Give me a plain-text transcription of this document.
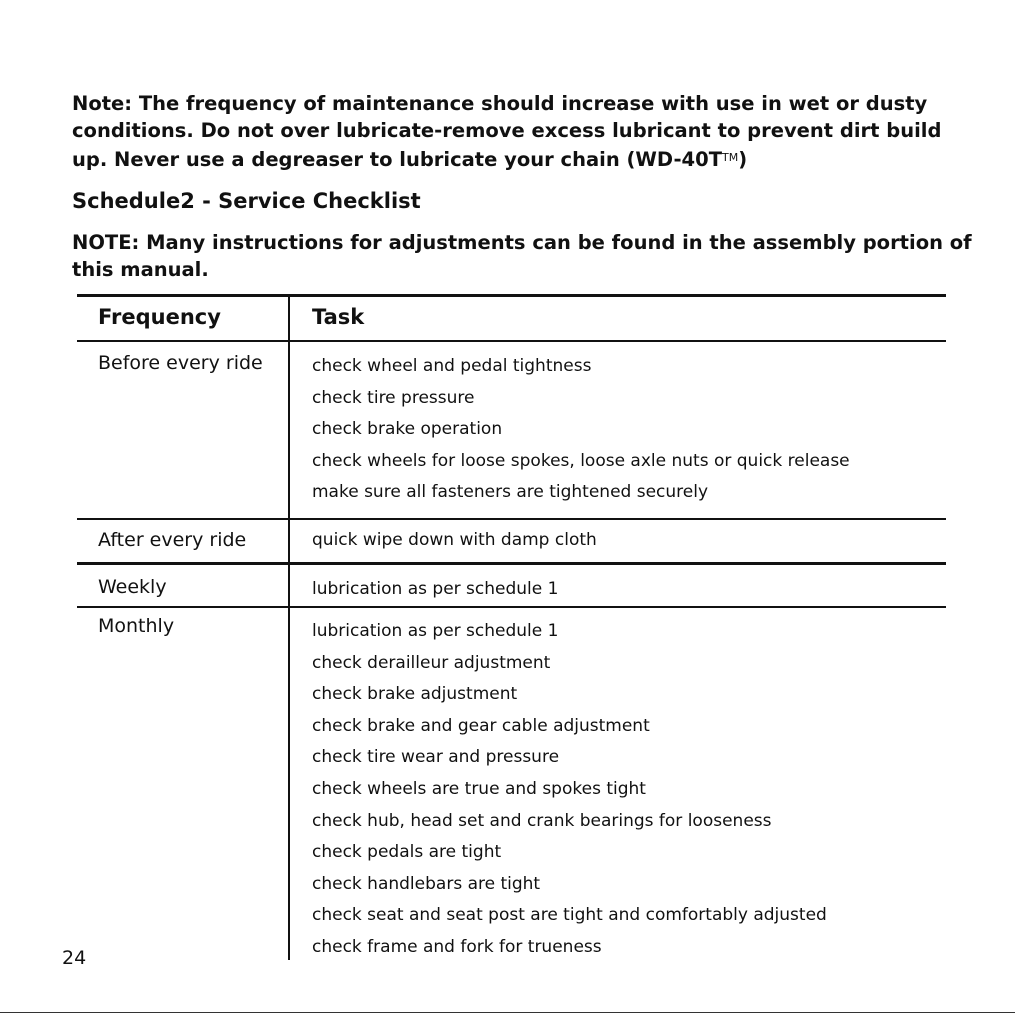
Note: The frequency of maintenance should increase with use in wet or dusty conditions. Do not over lubricate-remove excess lubricant to prevent dirt build up. Never use a degreaser to lubricate your chain (WD-40T™)

Schedule2 - Service Checklist

NOTE: Many instructions for adjustments can be found in the assembly portion of this manual.

Frequency	Task
Before every ride	check wheel and pedal tightness
check tire pressure
check brake operation
check wheels for loose spokes, loose axle nuts or quick release
make sure all fasteners are tightened securely
After every ride	quick wipe down with damp cloth
Weekly	lubrication as per schedule 1
Monthly	lubrication as per schedule 1
check derailleur adjustment
check brake adjustment
check brake and gear cable adjustment
check tire wear and pressure
check wheels are true and spokes tight
check hub, head set and crank bearings for looseness
check pedals are tight
check handlebars are tight
check seat and seat post are tight and comfortably adjusted
check frame and fork for trueness
24
